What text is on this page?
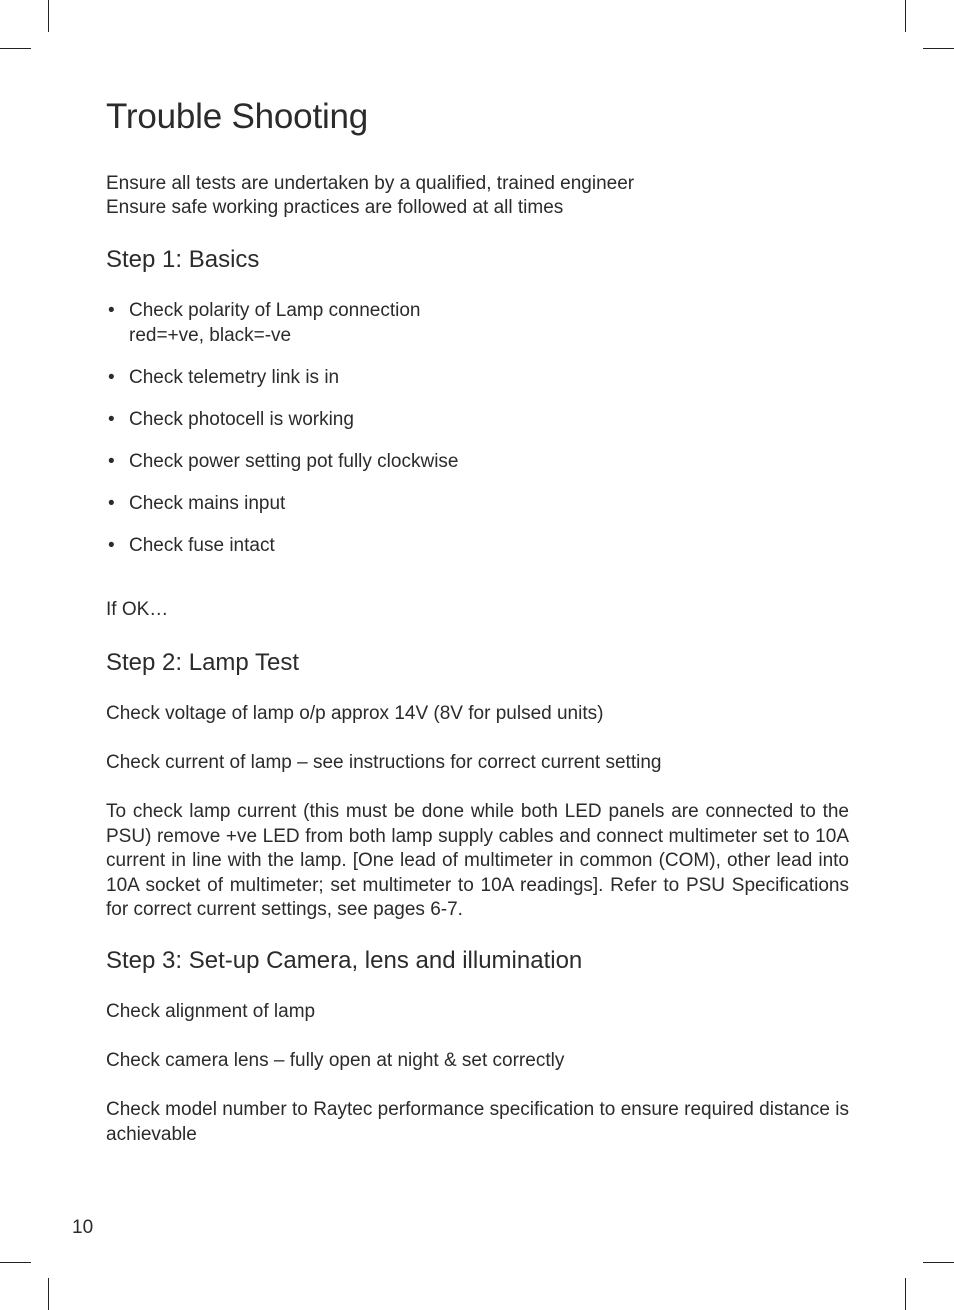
Trouble Shooting
Ensure all tests are undertaken by a qualified, trained engineer
Ensure safe working practices are followed at all times
Step 1: Basics
• Check polarity of Lamp connection
red=+ve, black=-ve
• Check telemetry link is in
• Check photocell is working
• Check power setting pot fully clockwise
• Check mains input
• Check fuse intact
If OK…
Step 2: Lamp Test
Check voltage of lamp o/p approx 14V (8V for pulsed units)
Check current of lamp – see instructions for correct current setting
To check lamp current (this must be done while both LED panels are connected to the PSU) remove +ve LED from both lamp supply cables and connect multimeter set to 10A current in line with the lamp. [One lead of multimeter in common (COM), other lead into 10A socket of multimeter; set multimeter to 10A readings]. Refer to PSU Specifications for correct current settings, see pages 6-7.
Step 3: Set-up Camera, lens and illumination
Check alignment of lamp
Check camera lens – fully open at night & set correctly
Check model number to Raytec performance specification to ensure required distance is achievable
10
